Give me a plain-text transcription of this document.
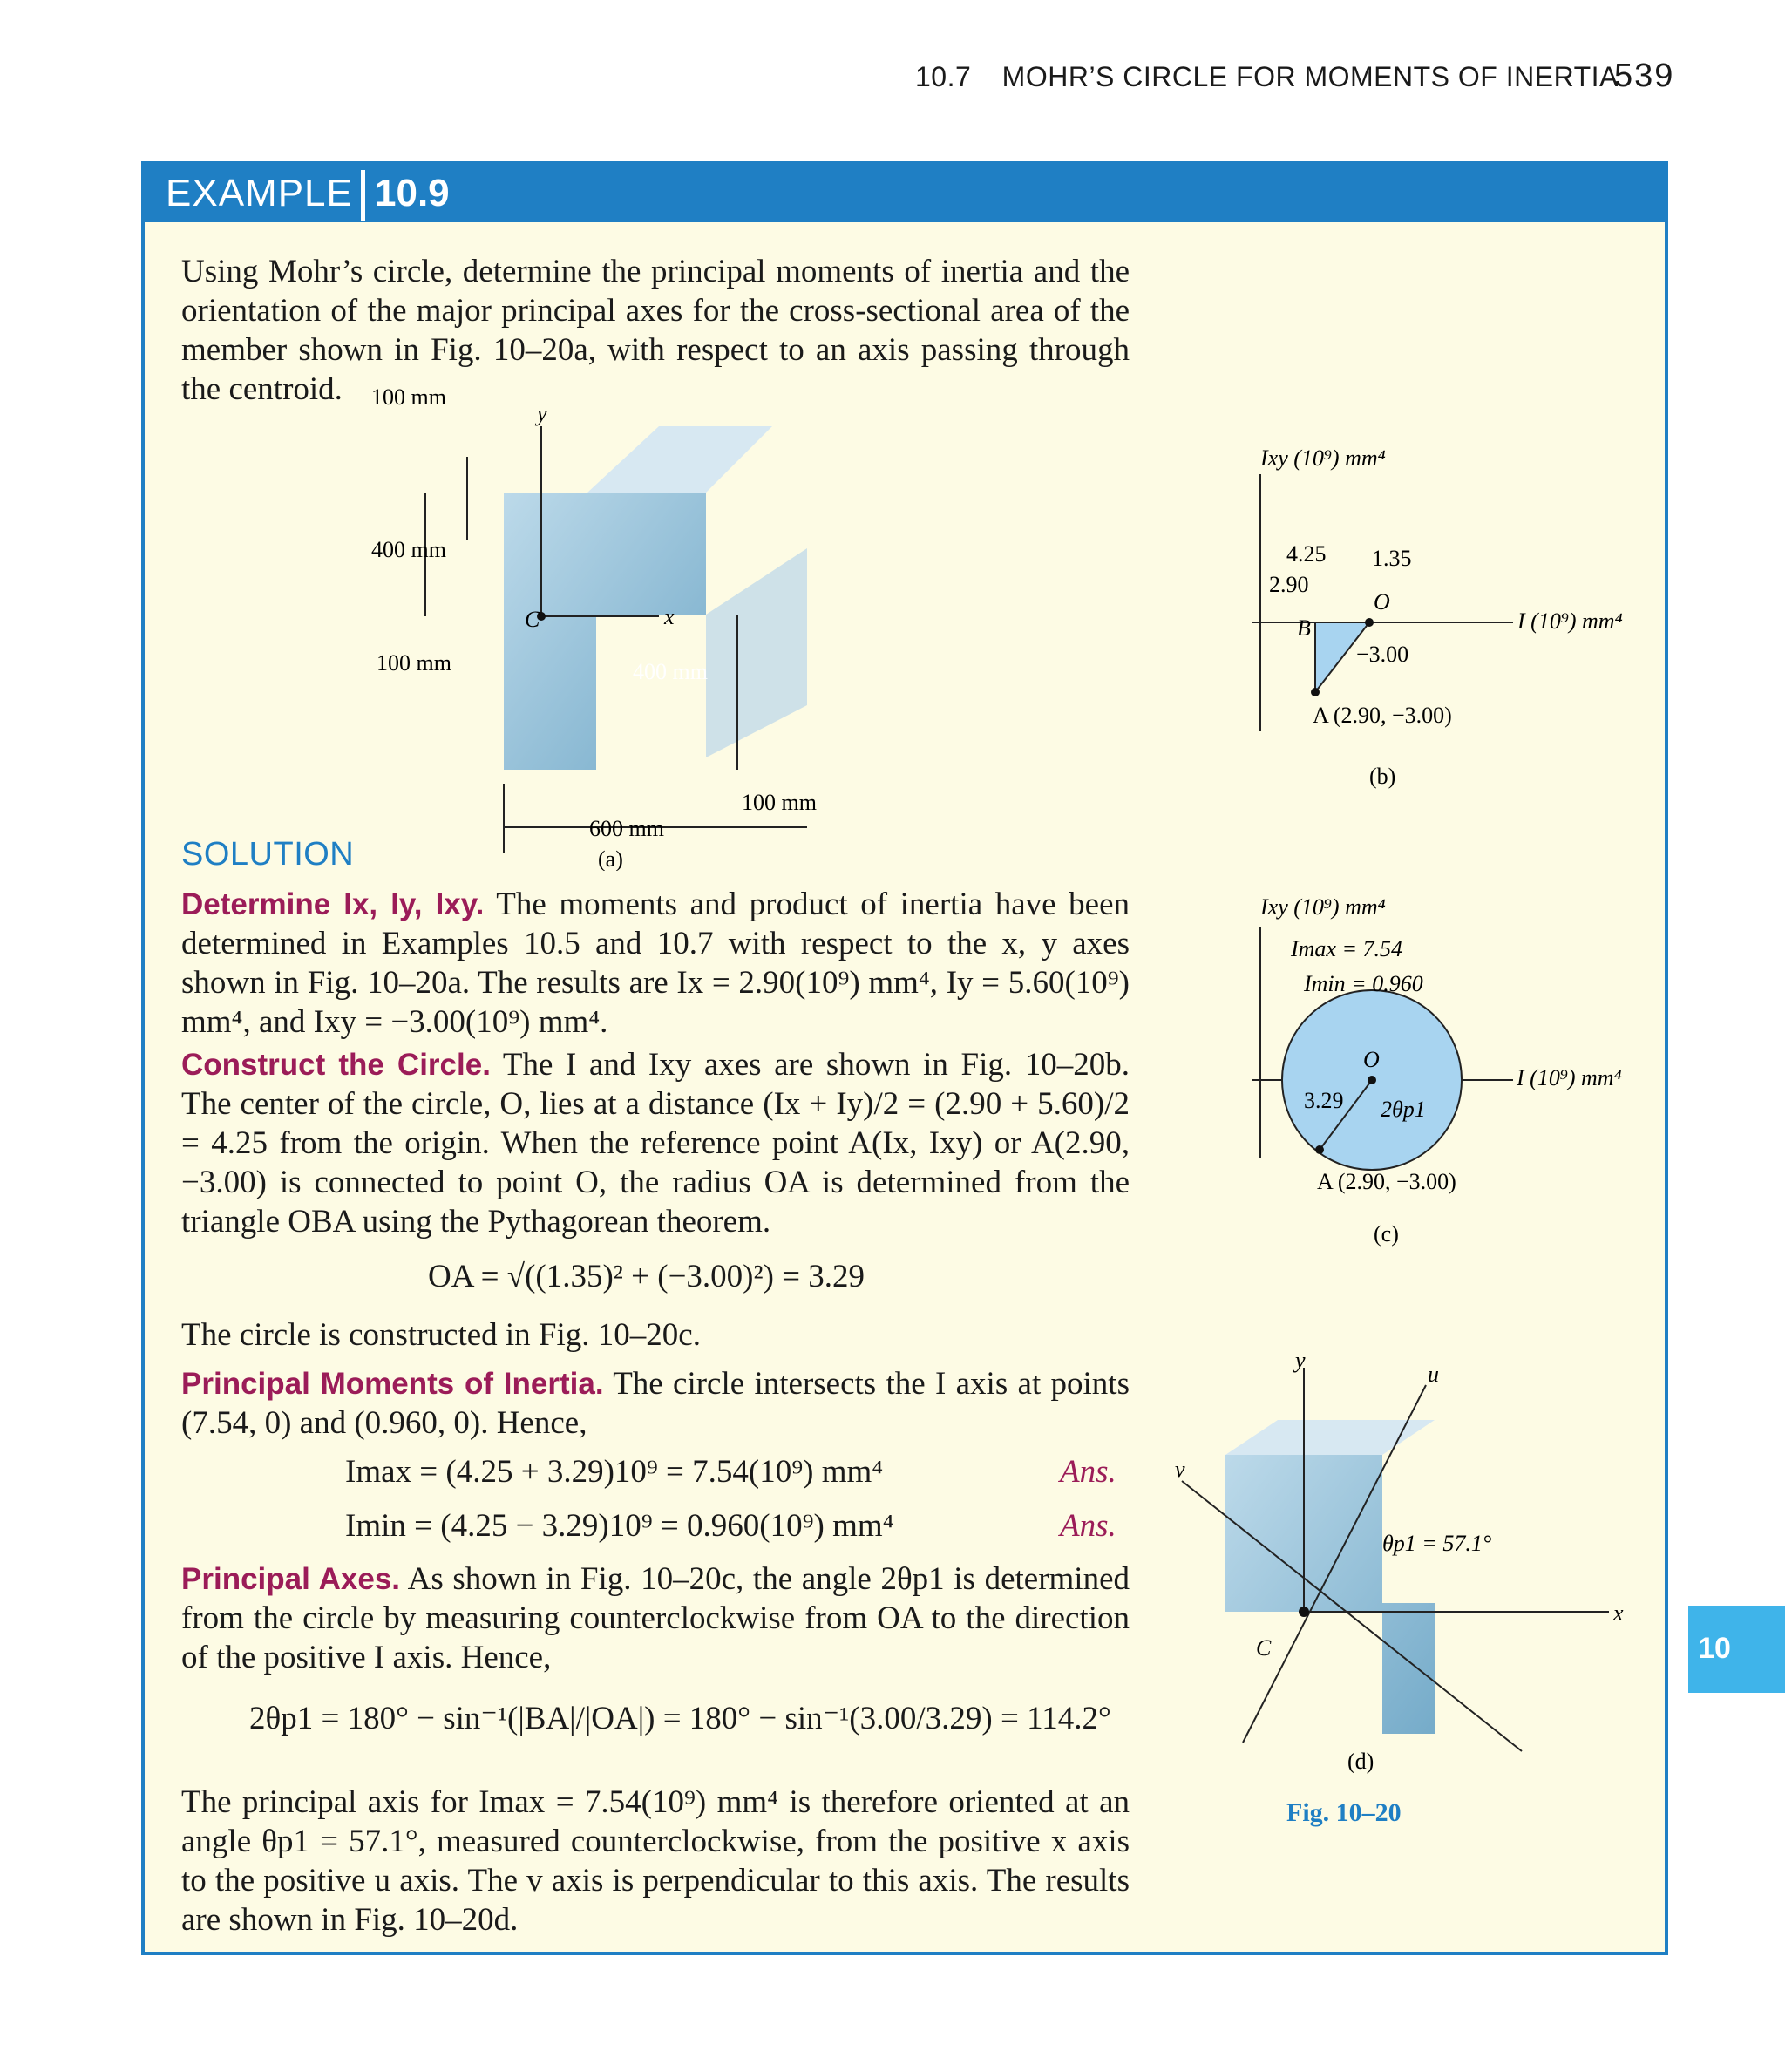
10.7 MOHR’S CIRCLE FOR MOMENTS OF INERTIA
539
EXAMPLE 10.9
Using Mohr’s circle, determine the principal moments of inertia and the orientation of the major principal axes for the cross-sectional area of the member shown in Fig. 10–20a, with respect to an axis passing through the centroid.
SOLUTION
Determine Ix, Iy, Ixy. The moments and product of inertia have been determined in Examples 10.5 and 10.7 with respect to the x, y axes shown in Fig. 10–20a. The results are Ix = 2.90(10⁹) mm⁴, Iy = 5.60(10⁹) mm⁴, and Ixy = −3.00(10⁹) mm⁴.
Construct the Circle. The I and Ixy axes are shown in Fig. 10–20b. The center of the circle, O, lies at a distance (Ix + Iy)/2 = (2.90 + 5.60)/2 = 4.25 from the origin. When the reference point A(Ix, Ixy) or A(2.90, −3.00) is connected to point O, the radius OA is determined from the triangle OBA using the Pythagorean theorem.
OA = √((1.35)² + (−3.00)²) = 3.29
The circle is constructed in Fig. 10–20c.
Principal Moments of Inertia. The circle intersects the I axis at points (7.54, 0) and (0.960, 0). Hence,
Imax = (4.25 + 3.29)10⁹ = 7.54(10⁹) mm⁴	Ans.
Imin = (4.25 − 3.29)10⁹ = 0.960(10⁹) mm⁴	Ans.
Principal Axes. As shown in Fig. 10–20c, the angle 2θp1 is determined from the circle by measuring counterclockwise from OA to the direction of the positive I axis. Hence,
2θp1 = 180° − sin⁻¹(|BA|/|OA|) = 180° − sin⁻¹(3.00/3.29) = 114.2°
The principal axis for Imax = 7.54(10⁹) mm⁴ is therefore oriented at an angle θp1 = 57.1°, measured counterclockwise, from the positive x axis to the positive u axis. The v axis is perpendicular to this axis. The results are shown in Fig. 10–20d.
C
y
x
100 mm
400 mm
100 mm	400 mm
100 mm
600 mm
(a)
Ixy (10⁹) mm⁴
I (10⁹) mm⁴
4.25
2.90
1.35
−3.00
O
B
A (2.90, −3.00)
(b)
Ixy (10⁹) mm⁴
I (10⁹) mm⁴
Imax = 7.54
Imin = 0.960
3.29 2θp1
O
A (2.90, −3.00)
(c)
θp1 = 57.1°
y
u
v
x
C
(d)
Fig. 10–20
10
